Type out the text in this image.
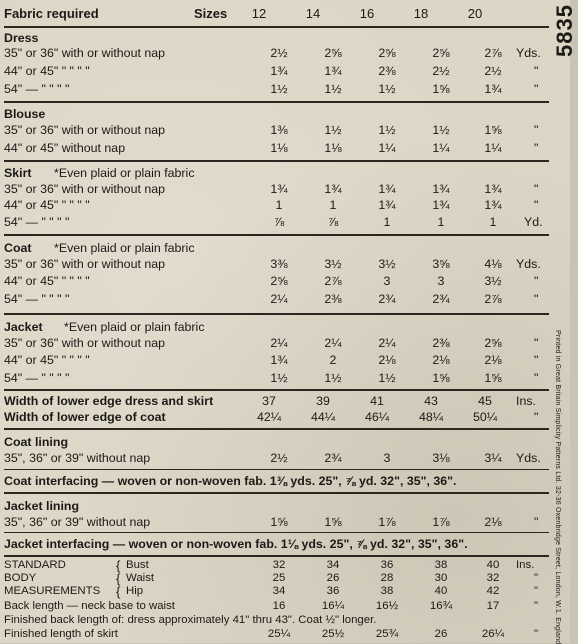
Fabric required	Sizes	12	14	16	18	20
Dress
35" or 36" with or without nap	2½	2⅝	2⅝	2⅝	2⅞	Yds.
44" or 45" " " " "	1¾	1¾	2⅜	2½	2½	"
54" — " " " "	1½	1½	1½	1⅝	1¾	"
Blouse
35" or 36" with or without nap	1⅜	1½	1½	1½	1⅝	"
44" or 45" without nap	1⅛	1⅛	1¼	1¼	1¼	"
Skirt *Even plaid or plain fabric
35" or 36" with or without nap	1¾	1¾	1¾	1¾	1¾	"
44" or 45" " " " "	1	1	1¾	1¾	1¾	"
54" — " " " "	⅞	⅞	1	1	1	Yd.
Coat *Even plaid or plain fabric
35" or 36" with or without nap	3⅜	3½	3½	3⅝	4⅛	Yds.
44" or 45" " " " "	2⅝	2⅞	3	3	3½	"
54" — " " " "	2¼	2⅜	2¾	2¾	2⅞	"
Jacket *Even plaid or plain fabric
35" or 36" with or without nap	2¼	2¼	2¼	2⅜	2⅝	"
44" or 45" " " " "	1¾	2	2⅛	2⅛	2⅛	"
54" — " " " "	1½	1½	1½	1⅝	1⅝	"
Width of lower edge dress and skirt	37	39	41	43	45	Ins.
Width of lower edge of coat	42¼	44¼	46¼	48¼	50¼	"
Coat lining
35", 36" or 39" without nap	2½	2¾	3	3⅛	3¼	Yds.
Coat interfacing — woven or non-woven fab. 1⅜ yds. 25", ⅞ yd. 32", 35", 36".
Jacket lining
35", 36" or 39" without nap	1⅝	1⅝	1⅞	1⅞	2⅛	"
Jacket interfacing — woven or non-woven fab. 1⅛ yds. 25", ⅞ yd. 32", 35", 36".
STANDARD	{ Bust	32	34	36	38	40	Ins.
BODY	{ Waist	25	26	28	30	32	"
MEASUREMENTS { Hip	34	36	38	40	42	"
Back length — neck base to waist	16	16¼	16½	16¾	17	"
Finished back length of: dress approximately 41" thru 43". Coat ½" longer.
Finished length of skirt	25¼	25½	25¾	26	26¼	"
5835
Printed in Great Britain Simplicity Patterns Ltd. 32-36 Oxenbridge Street, London, W.1. England
